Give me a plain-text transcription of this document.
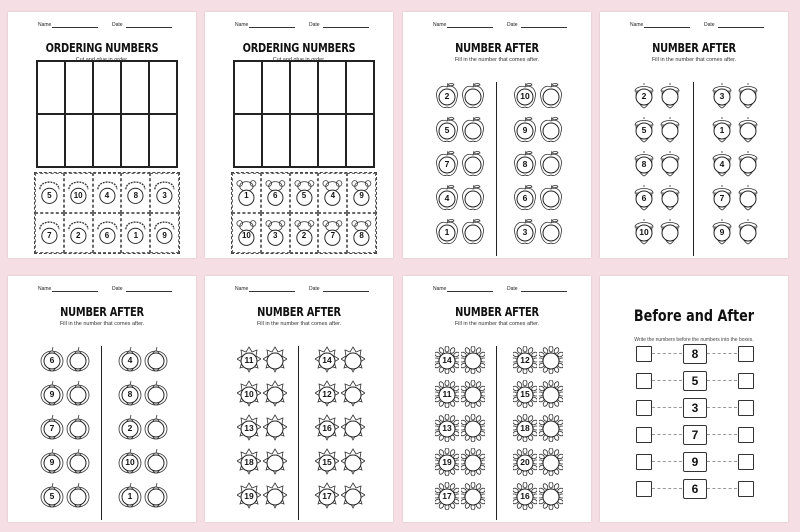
Name	Date
ORDERING NUMBERS
Cut and glue in order.
5	10	4	8	3
7	2	6	1	9
Name	Date
ORDERING NUMBERS
Cut and glue in order.
1	6	5	4	9
10	3	2	7	8
Name	Date
NUMBER AFTER
Fill in the number that comes after.
2	10
5	9
7	8
4	6
1	3
Name	Date
NUMBER AFTER
Fill in the number that comes after.
2	3
5	1
8	4
6	7
10	9
Name	Date
NUMBER AFTER
Fill in the number that comes after.
6	4
9	8
7	2
9	10
5	1
Name	Date
NUMBER AFTER
Fill in the number that comes after.
11	14
10	12
13	16
18	15
19	17
Name	Date
NUMBER AFTER
Fill in the number that comes after.
14	12
11	15
13	18
19	20
17	16
Before and After
Write the numbers before the numbers into the boxes.
8
5
3
7
9
6
